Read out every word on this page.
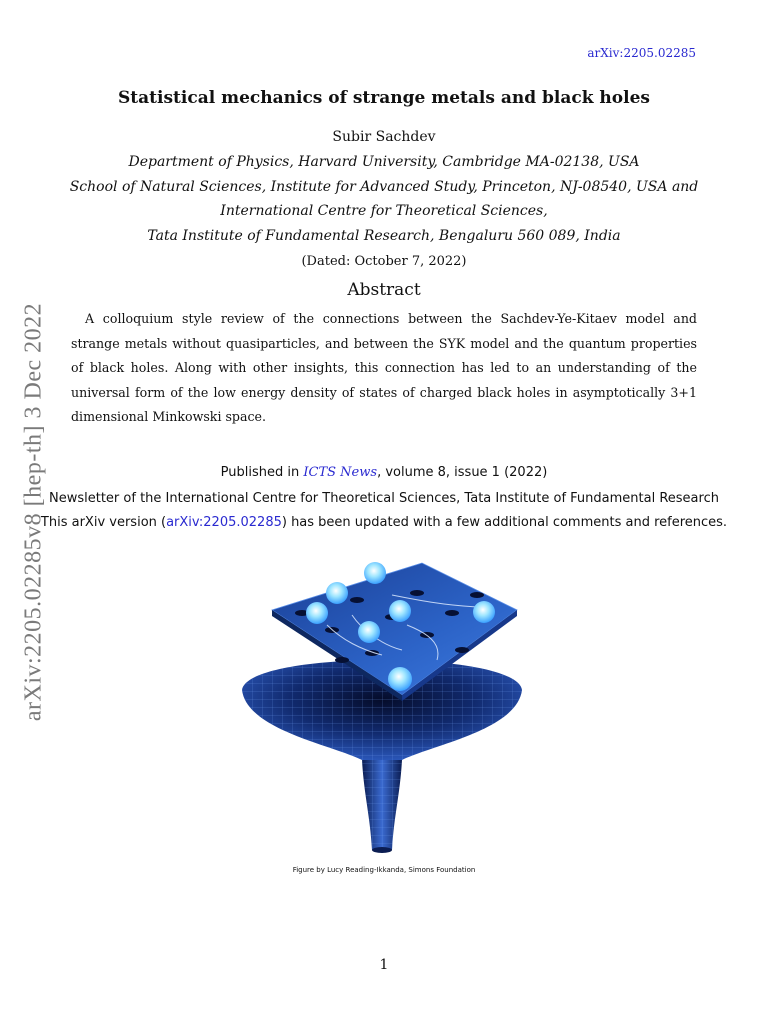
arXiv:2205.02285
arXiv:2205.02285v8 [hep-th] 3 Dec 2022
Statistical mechanics of strange metals and black holes
Subir Sachdev
Department of Physics, Harvard University, Cambridge MA-02138, USA
School of Natural Sciences, Institute for Advanced Study, Princeton, NJ-08540, USA and
International Centre for Theoretical Sciences,
Tata Institute of Fundamental Research, Bengaluru 560 089, India
(Dated: October 7, 2022)
Abstract
A colloquium style review of the connections between the Sachdev-Ye-Kitaev model and strange metals without quasiparticles, and between the SYK model and the quantum properties of black holes. Along with other insights, this connection has led to an understanding of the universal form of the low energy density of states of charged black holes in asymptotically 3+1 dimensional Minkowski space.
Published in ICTS News, volume 8, issue 1 (2022)
Newsletter of the International Centre for Theoretical Sciences, Tata Institute of Fundamental Research
This arXiv version (arXiv:2205.02285) has been updated with a few additional comments and references.
Figure by Lucy Reading-Ikkanda, Simons Foundation
1
